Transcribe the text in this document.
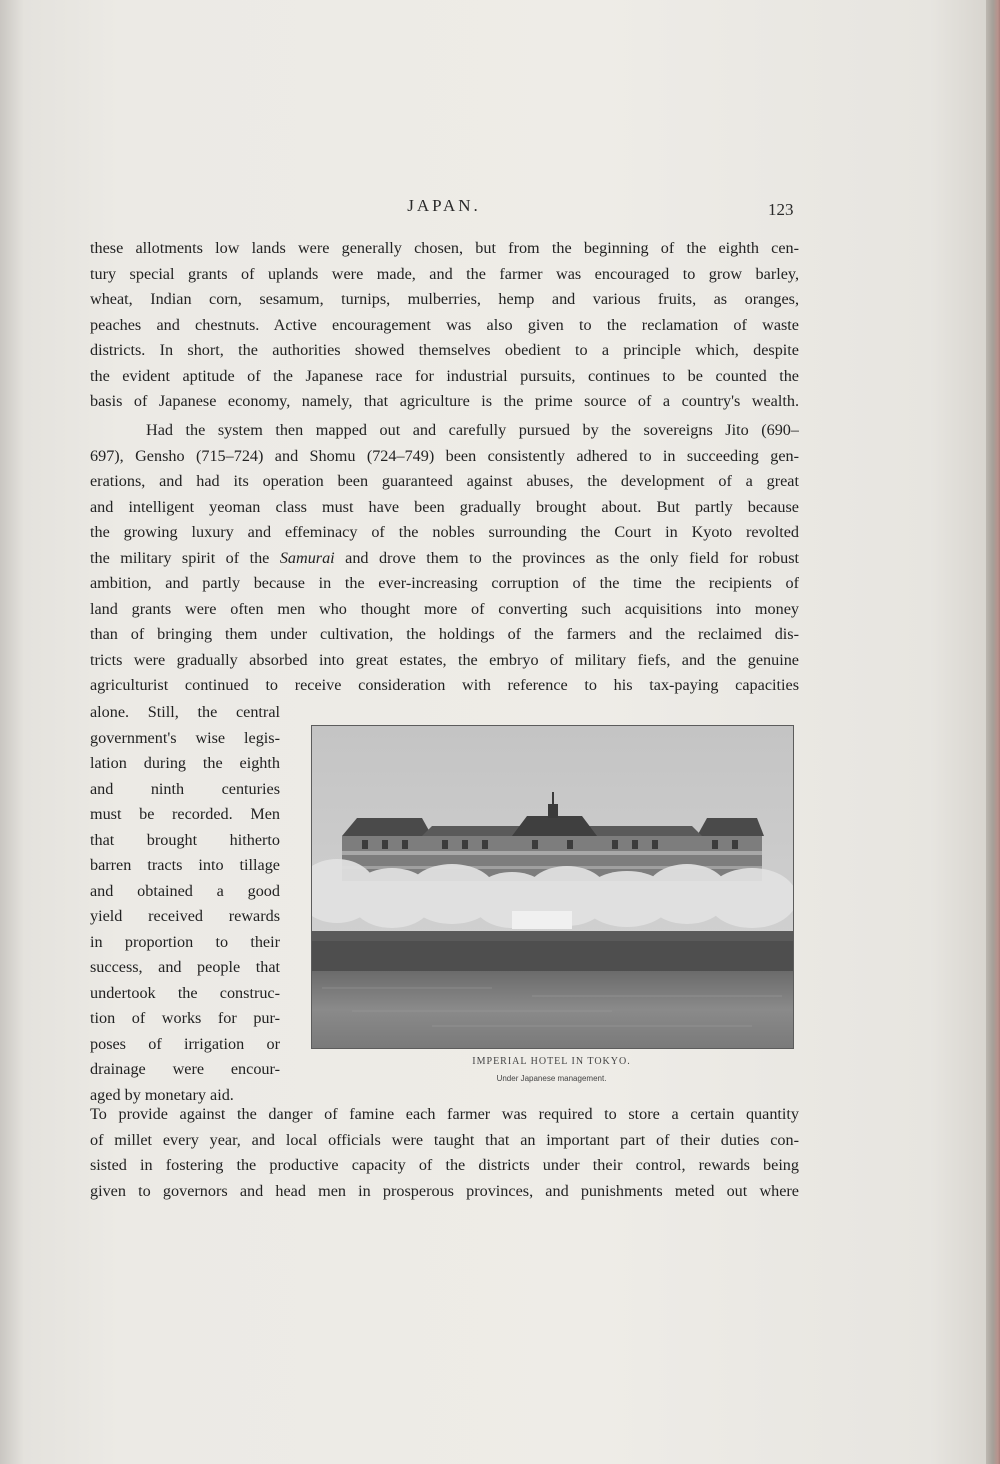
JAPAN.	123
these allotments low lands were generally chosen, but from the beginning of the eighth cen-
tury special grants of uplands were made, and the farmer was encouraged to grow barley,
wheat, Indian corn, sesamum, turnips, mulberries, hemp and various fruits, as oranges,
peaches and chestnuts. Active encouragement was also given to the reclamation of waste
districts. In short, the authorities showed themselves obedient to a principle which, despite
the evident aptitude of the Japanese race for industrial pursuits, continues to be counted the
basis of Japanese economy, namely, that agriculture is the prime source of a country's wealth.
Had the system then mapped out and carefully pursued by the sovereigns Jito (690–
697), Gensho (715–724) and Shomu (724–749) been consistently adhered to in succeeding gen-
erations, and had its operation been guaranteed against abuses, the development of a great
and intelligent yeoman class must have been gradually brought about. But partly because
the growing luxury and effeminacy of the nobles surrounding the Court in Kyoto revolted
the military spirit of the Samurai and drove them to the provinces as the only field for robust
ambition, and partly because in the ever-increasing corruption of the time the recipients of
land grants were often men who thought more of converting such acquisitions into money
than of bringing them under cultivation, the holdings of the farmers and the reclaimed dis-
tricts were gradually absorbed into great estates, the embryo of military fiefs, and the genuine
agriculturist continued to receive consideration with reference to his tax-paying capacities
alone. Still, the central
government's wise legis-
lation during the eighth
and ninth centuries
must be recorded. Men
that brought hitherto
barren tracts into tillage
and obtained a good
yield received rewards
in proportion to their
success, and people that
undertook the construc-
tion of works for pur-
poses of irrigation or
drainage were encour-
aged by monetary aid.
IMPERIAL HOTEL IN TOKYO.
Under Japanese management.
To provide against the danger of famine each farmer was required to store a certain quantity
of millet every year, and local officials were taught that an important part of their duties con-
sisted in fostering the productive capacity of the districts under their control, rewards being
given to governors and head men in prosperous provinces, and punishments meted out where
